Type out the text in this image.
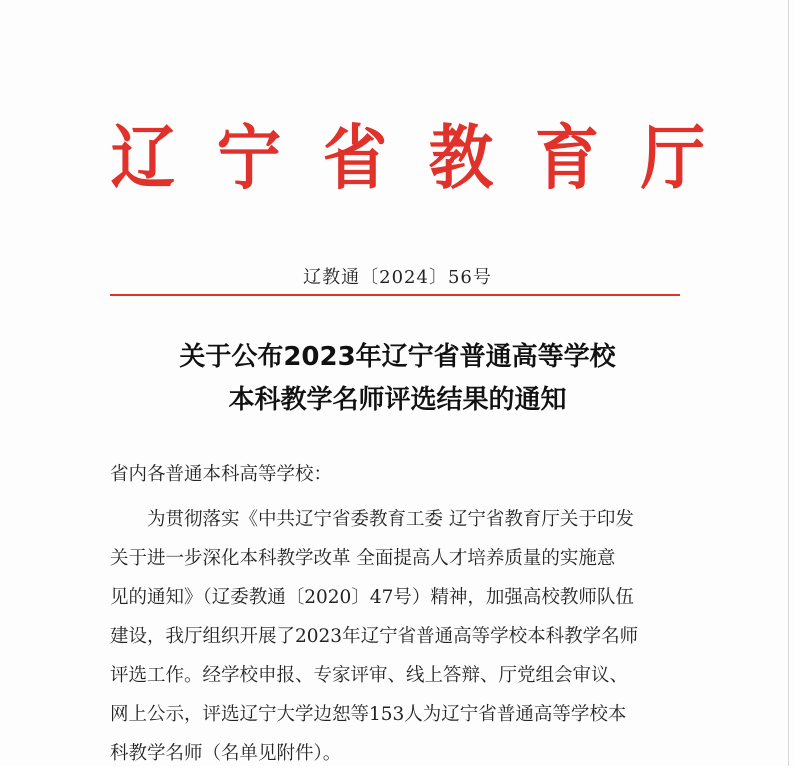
辽 宁 省 教 育 厅
辽教通〔2024〕56号
关于公布2023年辽宁省普通高等学校
本科教学名师评选结果的通知
省内各普通本科高等学校：
为贯彻落实《中共辽宁省委教育工委 辽宁省教育厅关于印发
关于进一步深化本科教学改革 全面提高人才培养质量的实施意
见的通知》（辽委教通〔2020〕47号）精神，加强高校教师队伍
建设，我厅组织开展了2023年辽宁省普通高等学校本科教学名师
评选工作。经学校申报、专家评审、线上答辩、厅党组会审议、
网上公示，评选辽宁大学边恕等153人为辽宁省普通高等学校本
科教学名师（名单见附件）。
